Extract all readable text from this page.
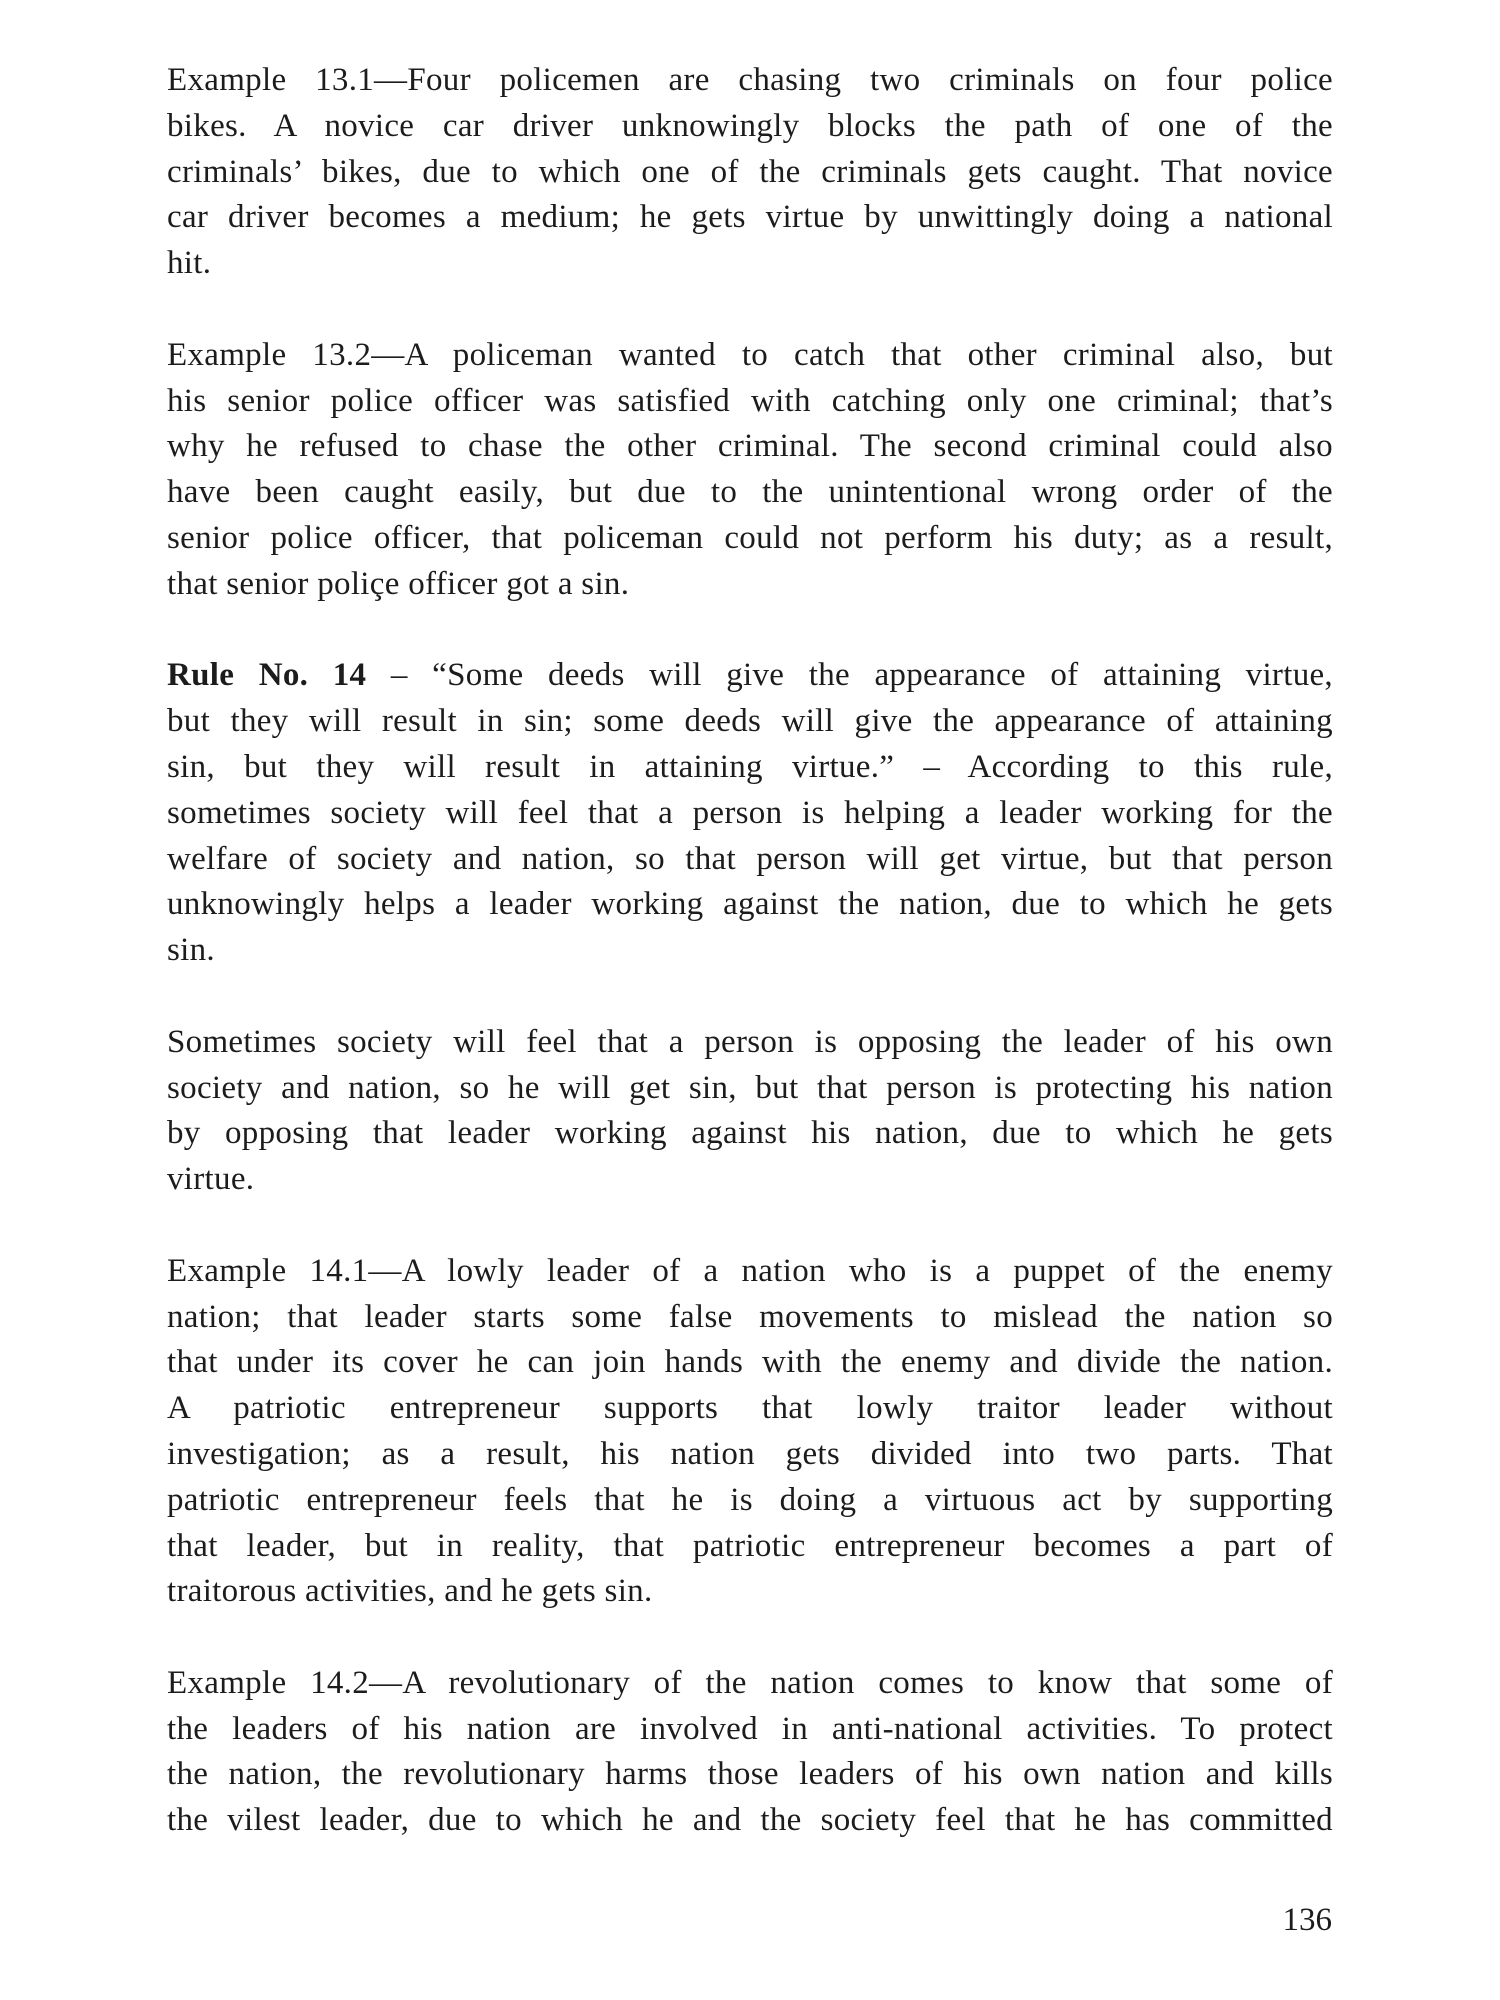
Example 13.1—Four policemen are chasing two criminals on four police
bikes. A novice car driver unknowingly blocks the path of one of the
criminals’ bikes, due to which one of the criminals gets caught. That novice
car driver becomes a medium; he gets virtue by unwittingly doing a national
hit.

Example 13.2—A policeman wanted to catch that other criminal also, but
his senior police officer was satisfied with catching only one criminal; that’s
why he refused to chase the other criminal. The second criminal could also
have been caught easily, but due to the unintentional wrong order of the
senior police officer, that policeman could not perform his duty; as a result,
that senior poliçe officer got a sin.

Rule No. 14 – “Some deeds will give the appearance of attaining virtue,
but they will result in sin; some deeds will give the appearance of attaining
sin, but they will result in attaining virtue.” – According to this rule,
sometimes society will feel that a person is helping a leader working for the
welfare of society and nation, so that person will get virtue, but that person
unknowingly helps a leader working against the nation, due to which he gets
sin.

Sometimes society will feel that a person is opposing the leader of his own
society and nation, so he will get sin, but that person is protecting his nation
by opposing that leader working against his nation, due to which he gets
virtue.

Example 14.1—A lowly leader of a nation who is a puppet of the enemy
nation; that leader starts some false movements to mislead the nation so
that under its cover he can join hands with the enemy and divide the nation.
A patriotic entrepreneur supports that lowly traitor leader without
investigation; as a result, his nation gets divided into two parts. That
patriotic entrepreneur feels that he is doing a virtuous act by supporting
that leader, but in reality, that patriotic entrepreneur becomes a part of
traitorous activities, and he gets sin.

Example 14.2—A revolutionary of the nation comes to know that some of
the leaders of his nation are involved in anti-national activities. To protect
the nation, the revolutionary harms those leaders of his own nation and kills
the vilest leader, due to which he and the society feel that he has committed

136
